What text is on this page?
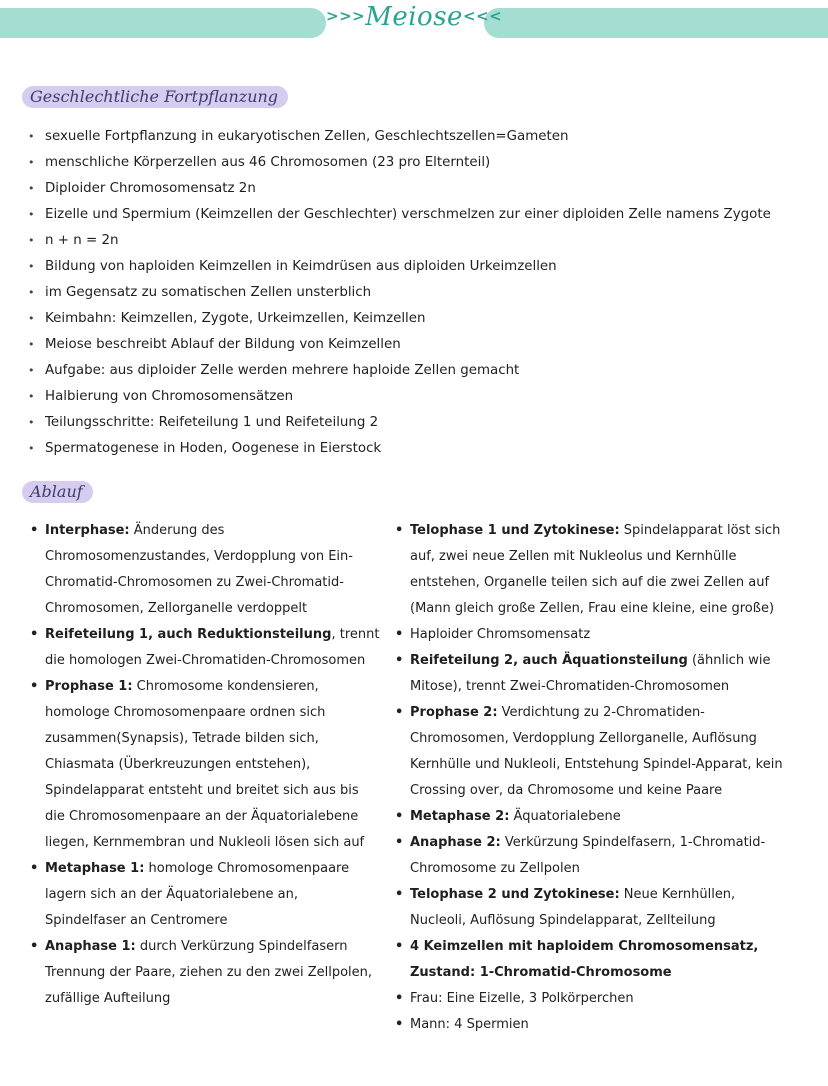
>>>Meiose<<<
Geschlechtliche Fortpflanzung
• sexuelle Fortpflanzung in eukaryotischen Zellen, Geschlechtszellen=Gameten
• menschliche Körperzellen aus 46 Chromosomen (23 pro Elternteil)
• Diploider Chromosomensatz 2n
• Eizelle und Spermium (Keimzellen der Geschlechter) verschmelzen zur einer diploiden Zelle namens Zygote
• n + n = 2n
• Bildung von haploiden Keimzellen in Keimdrüsen aus diploiden Urkeimzellen
• im Gegensatz zu somatischen Zellen unsterblich
• Keimbahn: Keimzellen, Zygote, Urkeimzellen, Keimzellen
• Meiose beschreibt Ablauf der Bildung von Keimzellen
• Aufgabe: aus diploider Zelle werden mehrere haploide Zellen gemacht
• Halbierung von Chromosomensätzen
• Teilungsschritte: Reifeteilung 1 und Reifeteilung 2
• Spermatogenese in Hoden, Oogenese in Eierstock
Ablauf
• Interphase: Änderung des Chromosomenzustandes, Verdopplung von Ein-Chromatid-Chromosomen zu Zwei-Chromatid-Chromosomen, Zellorganelle verdoppelt
• Reifeteilung 1, auch Reduktionsteilung, trennt die homologen Zwei-Chromatiden-Chromosomen
• Prophase 1: Chromosome kondensieren, homologe Chromosomenpaare ordnen sich zusammen(Synapsis), Tetrade bilden sich, Chiasmata (Überkreuzungen entstehen), Spindelapparat entsteht und breitet sich aus bis die Chromosomenpaare an der Äquatorialebene liegen, Kernmembran und Nukleoli lösen sich auf
• Metaphase 1: homologe Chromosomenpaare lagern sich an der Äquatorialebene an, Spindelfaser an Centromere
• Anaphase 1: durch Verkürzung Spindelfasern Trennung der Paare, ziehen zu den zwei Zellpolen, zufällige Aufteilung
• Telophase 1 und Zytokinese: Spindelapparat löst sich auf, zwei neue Zellen mit Nukleolus und Kernhülle entstehen, Organelle teilen sich auf die zwei Zellen auf (Mann gleich große Zellen, Frau eine kleine, eine große)
• Haploider Chromsomensatz
• Reifeteilung 2, auch Äquationsteilung (ähnlich wie Mitose), trennt Zwei-Chromatiden-Chromosomen
• Prophase 2: Verdichtung zu 2-Chromatiden-Chromosomen, Verdopplung Zellorganelle, Auflösung Kernhülle und Nukleoli, Entstehung Spindel-Apparat, kein Crossing over, da Chromosome und keine Paare
• Metaphase 2: Äquatorialebene
• Anaphase 2: Verkürzung Spindelfasern, 1-Chromatid-Chromosome zu Zellpolen
• Telophase 2 und Zytokinese: Neue Kernhüllen, Nucleoli, Auflösung Spindelapparat, Zellteilung
• 4 Keimzellen mit haploidem Chromosomensatz, Zustand: 1-Chromatid-Chromosome
• Frau: Eine Eizelle, 3 Polkörperchen
• Mann: 4 Spermien
